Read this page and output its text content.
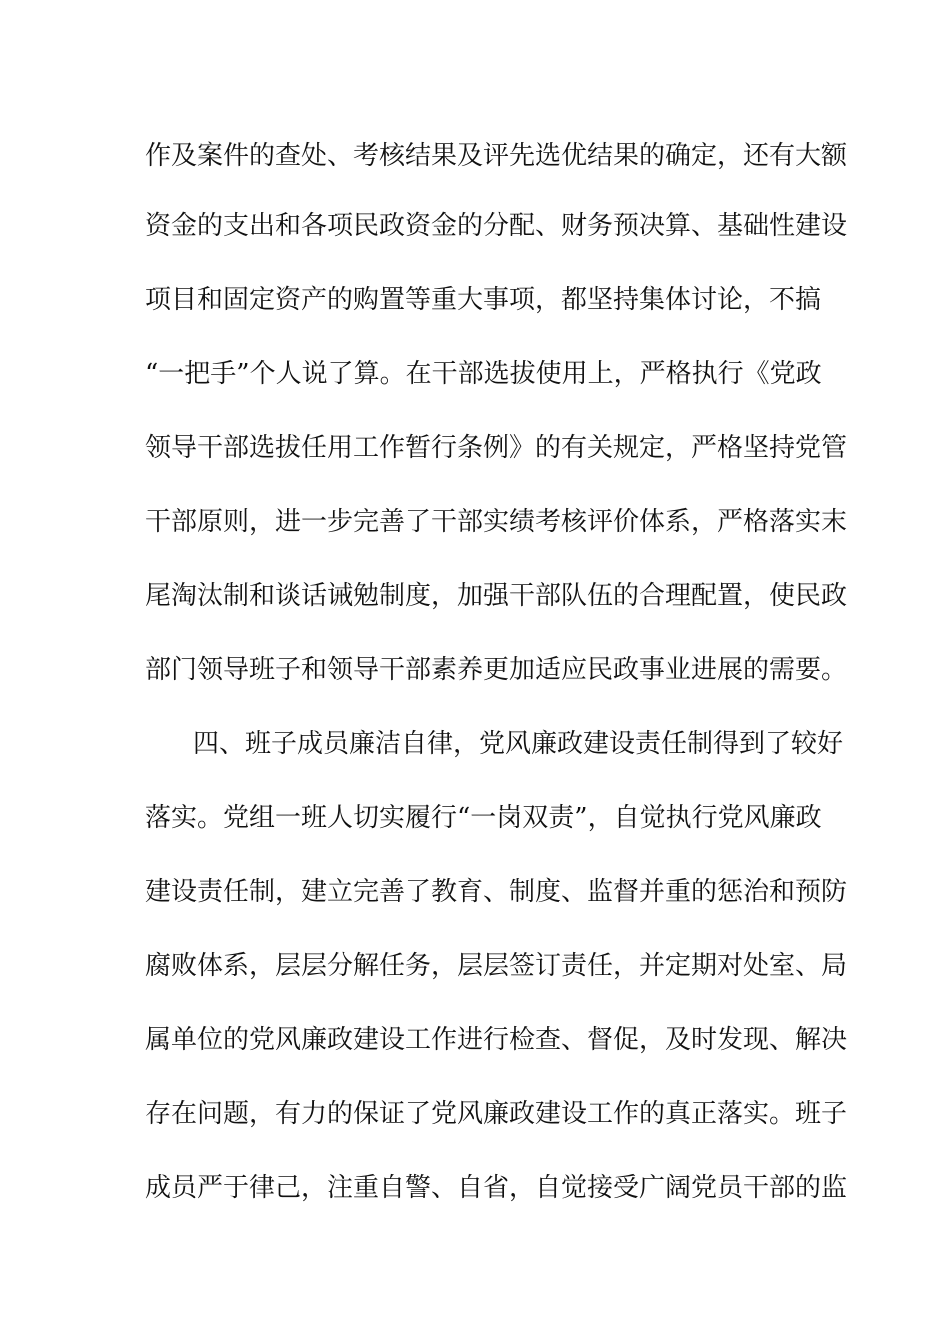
作及案件的查处、考核结果及评先选优结果的确定，还有大额
资金的支出和各项民政资金的分配、财务预决算、基础性建设
项目和固定资产的购置等重大事项，都坚持集体讨论，不搞
“一把手”个人说了算。在干部选拔使用上，严格执行《党政
领导干部选拔任用工作暂行条例》的有关规定，严格坚持党管
干部原则，进一步完善了干部实绩考核评价体系，严格落实末
尾淘汰制和谈话诫勉制度，加强干部队伍的合理配置，使民政
部门领导班子和领导干部素养更加适应民政事业进展的需要。
四、班子成员廉洁自律，党风廉政建设责任制得到了较好
落实。党组一班人切实履行“一岗双责”，自觉执行党风廉政
建设责任制，建立完善了教育、制度、监督并重的惩治和预防
腐败体系，层层分解任务，层层签订责任，并定期对处室、局
属单位的党风廉政建设工作进行检查、督促，及时发现、解决
存在问题，有力的保证了党风廉政建设工作的真正落实。班子
成员严于律己，注重自警、自省，自觉接受广阔党员干部的监
